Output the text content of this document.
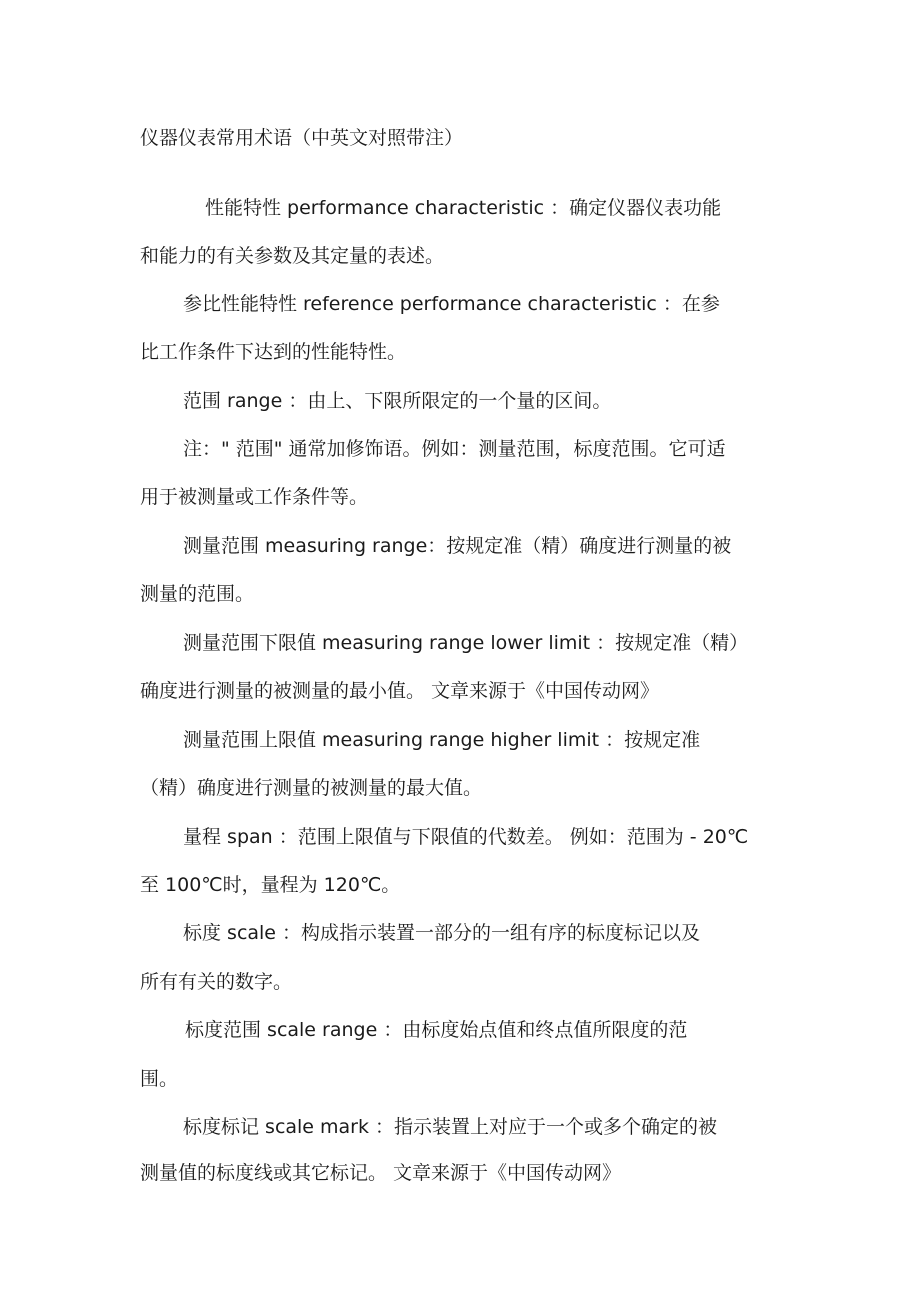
仪器仪表常用术语（中英文对照带注）
性能特性 performance characteristic ：确定仪器仪表功能
和能力的有关参数及其定量的表述。
参比性能特性 reference performance characteristic ：在参
比工作条件下达到的性能特性。
范围 range ：由上、下限所限定的一个量的区间。
注：" 范围" 通常加修饰语。例如：测量范围，标度范围。它可适
用于被测量或工作条件等。
测量范围 measuring range：按规定准（精）确度进行测量的被
测量的范围。
测量范围下限值 measuring range lower limit ：按规定准（精）
确度进行测量的被测量的最小值。 文章来源于《中国传动网》
测量范围上限值 measuring range higher limit ：按规定准
（精）确度进行测量的被测量的最大值。
量程 span ：范围上限值与下限值的代数差。 例如：范围为 - 20℃
至 100℃时，量程为 120℃。
标度 scale ：构成指示装置一部分的一组有序的标度标记以及
所有有关的数字。
标度范围 scale range ：由标度始点值和终点值所限度的范
围。
标度标记 scale mark ：指示装置上对应于一个或多个确定的被
测量值的标度线或其它标记。 文章来源于《中国传动网》
